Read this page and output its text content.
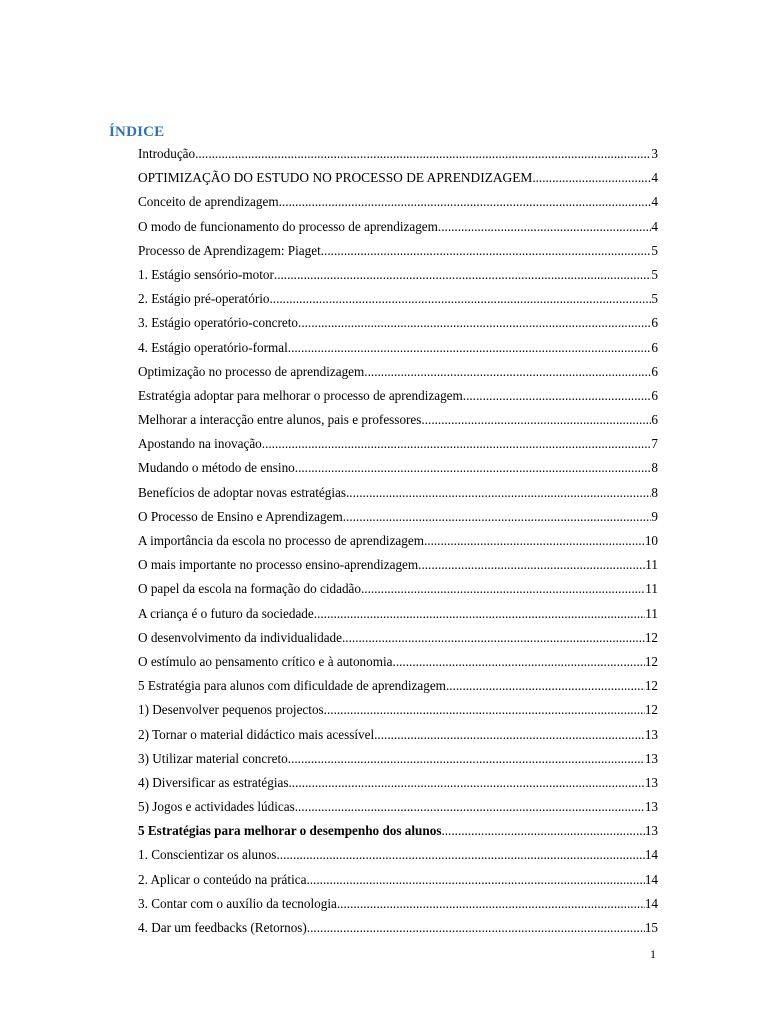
ÍNDICE
Introdução .....	3
OPTIMIZAÇÃO DO ESTUDO NO PROCESSO DE APRENDIZAGEM .....	4
Conceito de aprendizagem .....	4
O modo de funcionamento do processo de aprendizagem .....	4
Processo de Aprendizagem: Piaget .....	5
1. Estágio sensório-motor .....	5
2. Estágio pré-operatório .....	5
3. Estágio operatório-concreto .....	6
4. Estágio operatório-formal .....	6
Optimização no processo de aprendizagem .....	6
Estratégia adoptar para melhorar o processo de aprendizagem .....	6
Melhorar a interacção entre alunos, pais e professores .....	6
Apostando na inovação .....	7
Mudando o método de ensino .....	8
Benefícios de adoptar novas estratégias .....	8
O Processo de Ensino e Aprendizagem .....	9
A importância da escola no processo de aprendizagem .....	10
O mais importante no processo ensino-aprendizagem .....	11
O papel da escola na formação do cidadão .....	11
A criança é o futuro da sociedade .....	11
O desenvolvimento da individualidade .....	12
O estímulo ao pensamento crítico e à autonomia .....	12
5 Estratégia para alunos com dificuldade de aprendizagem .....	12
1) Desenvolver pequenos projectos .....	12
2) Tornar o material didáctico mais acessível .....	13
3) Utilizar material concreto .....	13
4) Diversificar as estratégias .....	13
5) Jogos e actividades lúdicas .....	13
5 Estratégias para melhorar o desempenho dos alunos .....	13
1. Conscientizar os alunos .....	14
2. Aplicar o conteúdo na prática .....	14
3. Contar com o auxílio da tecnologia .....	14
4. Dar um feedbacks (Retornos) .....	15
1
